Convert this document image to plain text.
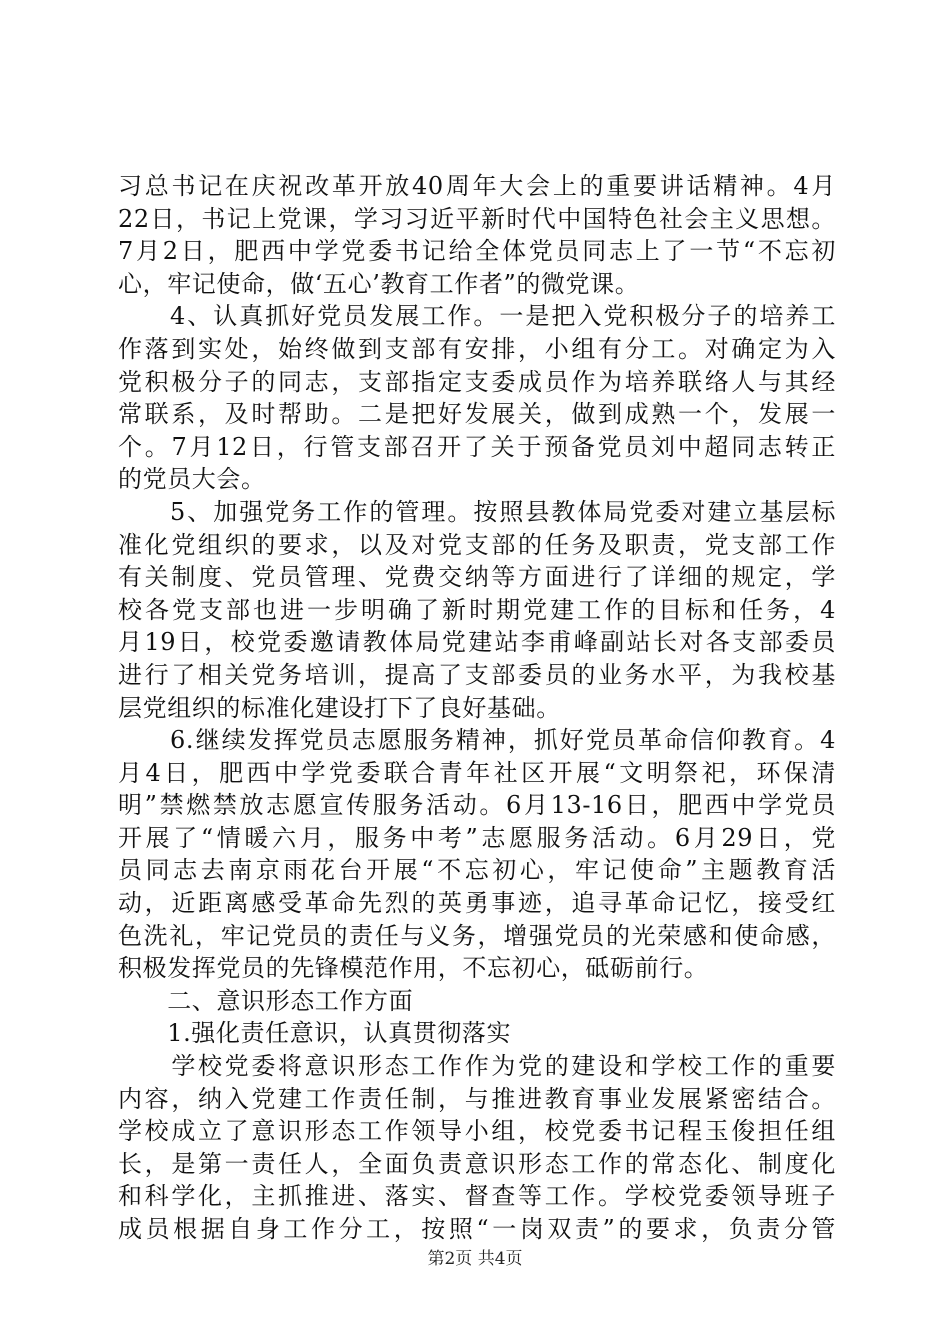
习总书记在庆祝改革开放40周年大会上的重要讲话精神。4月
22日，书记上党课，学习习近平新时代中国特色社会主义思想。
7月2日，肥西中学党委书记给全体党员同志上了一节“不忘初
心，牢记使命，做‘五心’教育工作者”的微党课。
　　4、认真抓好党员发展工作。一是把入党积极分子的培养工
作落到实处，始终做到支部有安排，小组有分工。对确定为入
党积极分子的同志，支部指定支委成员作为培养联络人与其经
常联系，及时帮助。二是把好发展关，做到成熟一个，发展一
个。7月12日，行管支部召开了关于预备党员刘中超同志转正
的党员大会。
　　5、加强党务工作的管理。按照县教体局党委对建立基层标
准化党组织的要求，以及对党支部的任务及职责，党支部工作
有关制度、党员管理、党费交纳等方面进行了详细的规定，学
校各党支部也进一步明确了新时期党建工作的目标和任务，4
月19日，校党委邀请教体局党建站李甫峰副站长对各支部委员
进行了相关党务培训，提高了支部委员的业务水平，为我校基
层党组织的标准化建设打下了良好基础。
　　6.继续发挥党员志愿服务精神，抓好党员革命信仰教育。4
月4日，肥西中学党委联合青年社区开展“文明祭祀，环保清
明”禁燃禁放志愿宣传服务活动。6月13-16日，肥西中学党员
开展了“情暖六月，服务中考”志愿服务活动。6月29日，党
员同志去南京雨花台开展“不忘初心，牢记使命”主题教育活
动，近距离感受革命先烈的英勇事迹，追寻革命记忆，接受红
色洗礼，牢记党员的责任与义务，增强党员的光荣感和使命感，
积极发挥党员的先锋模范作用，不忘初心，砥砺前行。
　　二、意识形态工作方面
　　1.强化责任意识，认真贯彻落实
　　学校党委将意识形态工作作为党的建设和学校工作的重要
内容，纳入党建工作责任制，与推进教育事业发展紧密结合。
学校成立了意识形态工作领导小组，校党委书记程玉俊担任组
长，是第一责任人，全面负责意识形态工作的常态化、制度化
和科学化，主抓推进、落实、督查等工作。学校党委领导班子
成员根据自身工作分工，按照“一岗双责”的要求，负责分管
第2页 共4页
